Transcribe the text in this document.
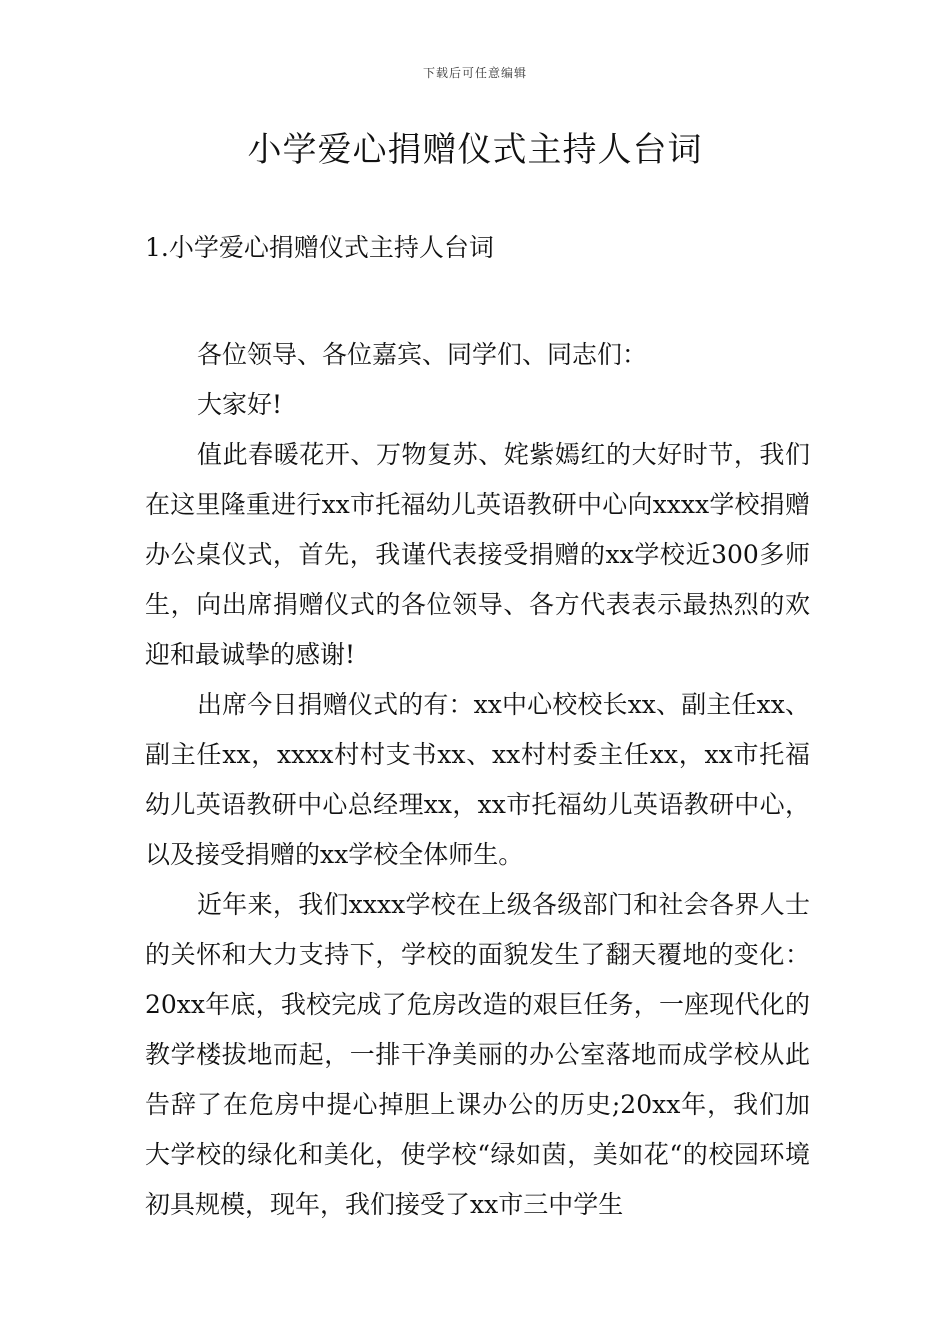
下载后可任意编辑
小学爱心捐赠仪式主持人台词
1.小学爱心捐赠仪式主持人台词

各位领导、各位嘉宾、同学们、同志们：

大家好!

值此春暖花开、万物复苏、姹紫嫣红的大好时节，我们在这里隆重进行xx市托福幼儿英语教研中心向xxxx学校捐赠办公桌仪式，首先，我谨代表接受捐赠的xx学校近300多师生，向出席捐赠仪式的各位领导、各方代表表示最热烈的欢迎和最诚挚的感谢!

出席今日捐赠仪式的有：xx中心校校长xx、副主任xx、副主任xx，xxxx村村支书xx、xx村村委主任xx，xx市托福幼儿英语教研中心总经理xx，xx市托福幼儿英语教研中心，以及接受捐赠的xx学校全体师生。

近年来，我们xxxx学校在上级各级部门和社会各界人士的关怀和大力支持下，学校的面貌发生了翻天覆地的变化：20xx年底，我校完成了危房改造的艰巨任务，一座现代化的教学楼拔地而起，一排干净美丽的办公室落地而成学校从此告辞了在危房中提心掉胆上课办公的历史;20xx年，我们加大学校的绿化和美化，使学校“绿如茵，美如花“的校园环境初具规模，现年，我们接受了xx市三中学生
